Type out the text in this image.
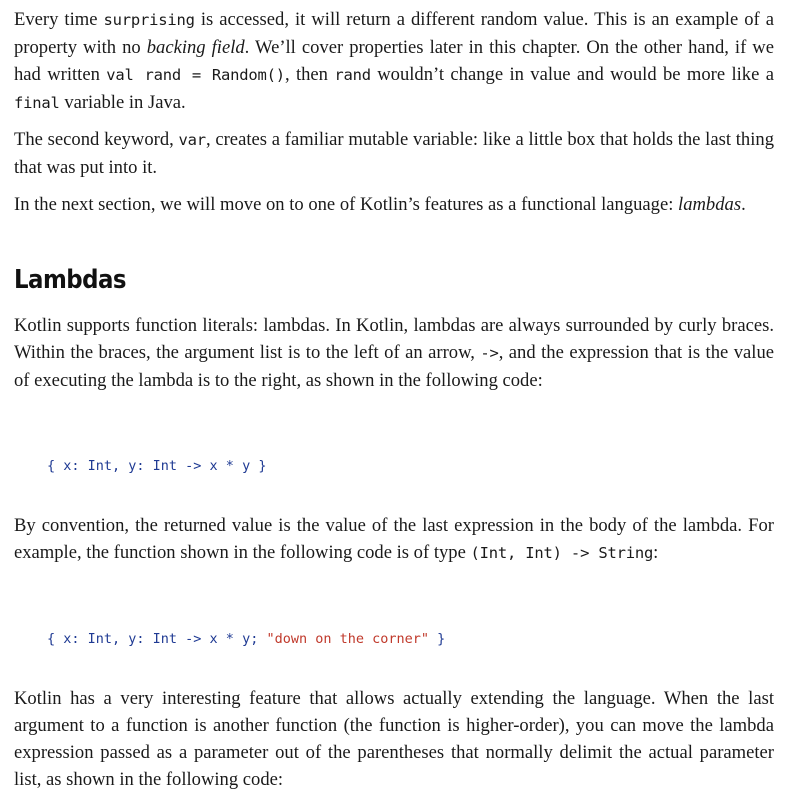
Every time surprising is accessed, it will return a different random value. This is an example of a property with no backing field. We’ll cover properties later in this chapter. On the other hand, if we had written val rand = Random(), then rand wouldn’t change in value and would be more like a final variable in Java.

The second keyword, var, creates a familiar mutable variable: like a little box that holds the last thing that was put into it.

In the next section, we will move on to one of Kotlin’s features as a functional language: lambdas.

Lambdas

Kotlin supports function literals: lambdas. In Kotlin, lambdas are always surrounded by curly braces. Within the braces, the argument list is to the left of an arrow, ->, and the expression that is the value of executing the lambda is to the right, as shown in the following code:

{ x: Int, y: Int -> x * y }

By convention, the returned value is the value of the last expression in the body of the lambda. For example, the function shown in the following code is of type (Int, Int) -> String:

{ x: Int, y: Int -> x * y; "down on the corner" }

Kotlin has a very interesting feature that allows actually extending the language. When the last argument to a function is another function (the function is higher-order), you can move the lambda expression passed as a parameter out of the parentheses that normally delimit the actual parameter list, as shown in the following code:
